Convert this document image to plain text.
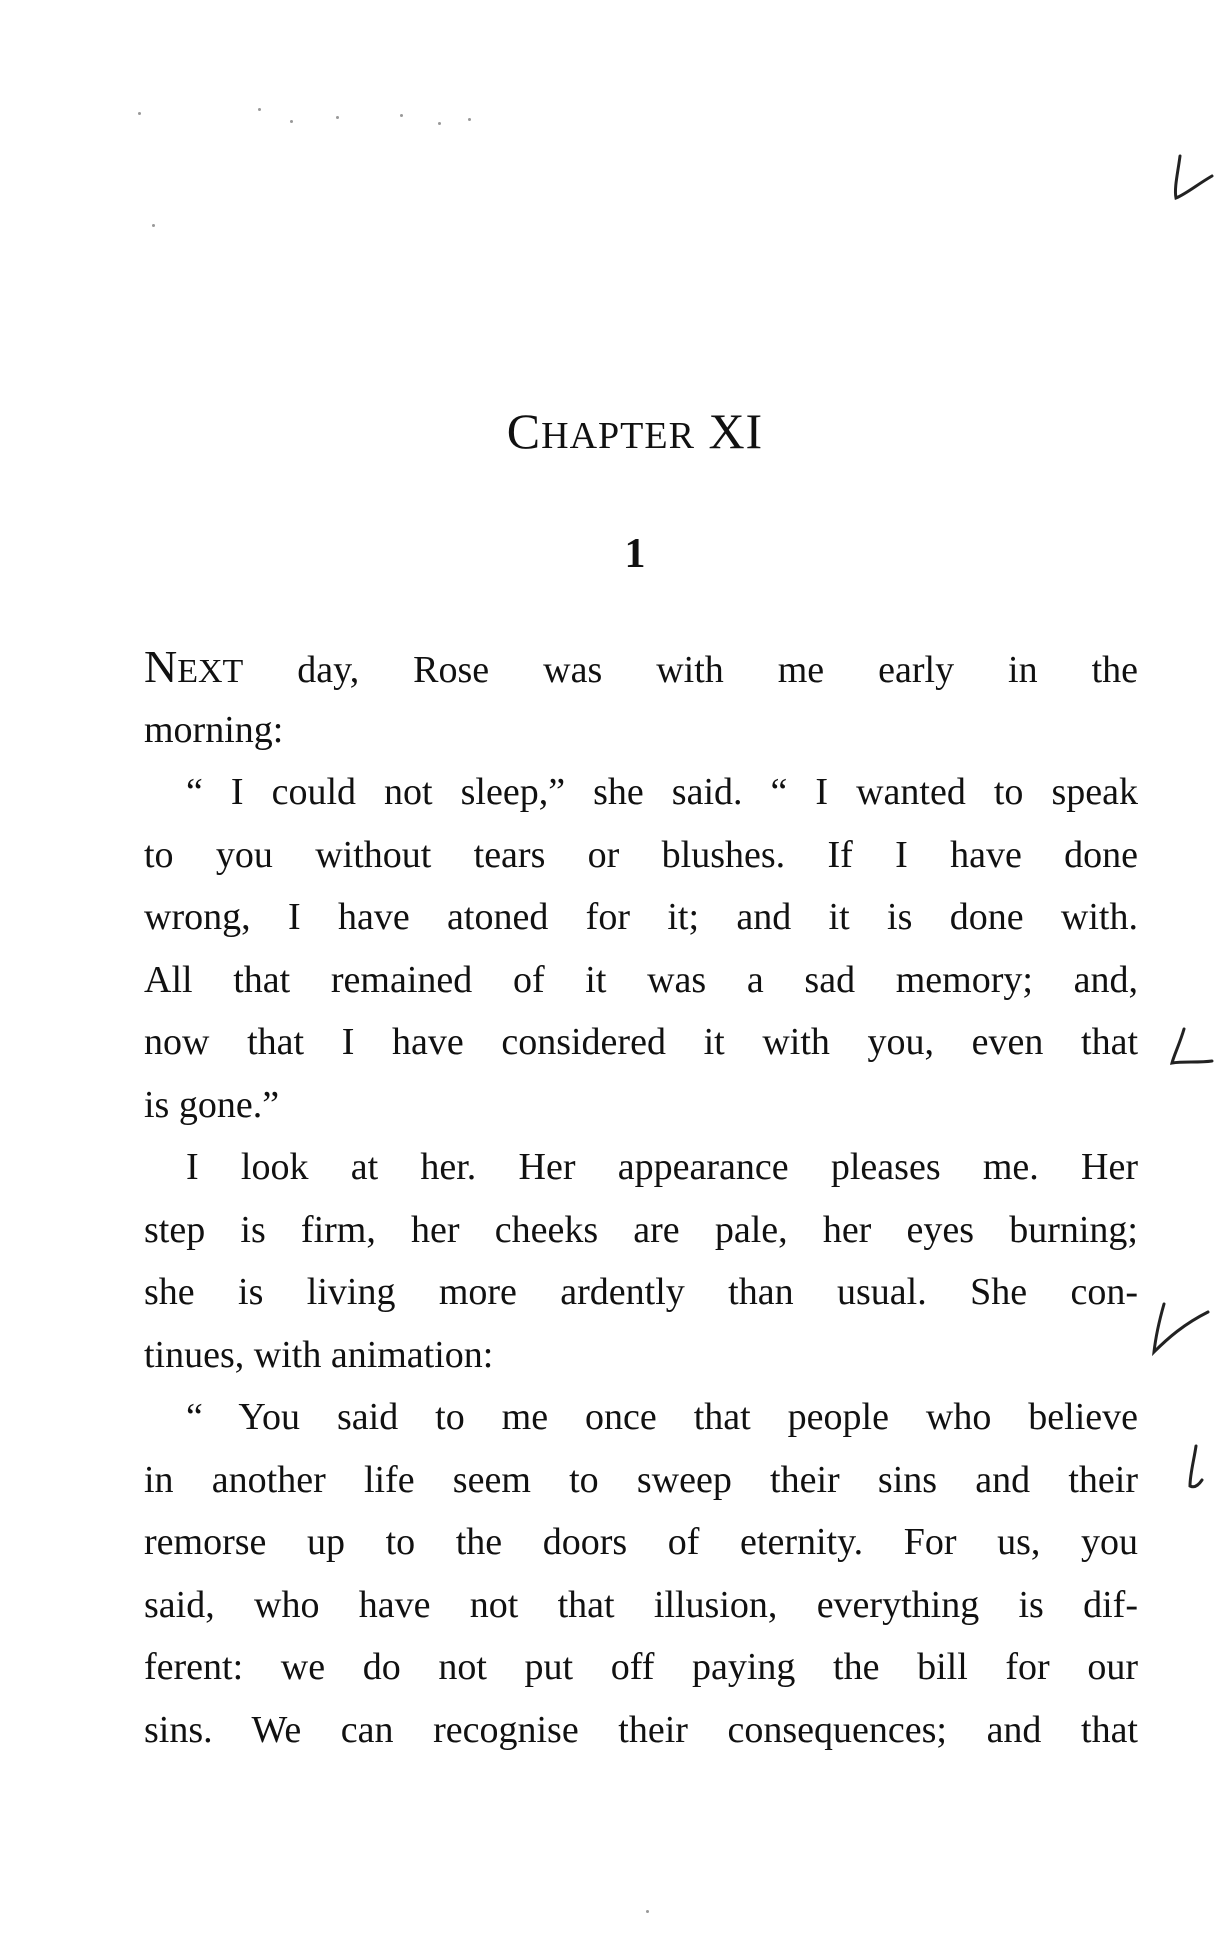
CHAPTER XI
1

NEXT day, Rose was with me early in the
morning:

“ I could not sleep,” she said. “ I wanted to speak
to you without tears or blushes. If I have done
wrong, I have atoned for it; and it is done with.
All that remained of it was a sad memory; and,
now that I have considered it with you, even that
is gone.”

I look at her. Her appearance pleases me. Her
step is firm, her cheeks are pale, her eyes burning;
she is living more ardently than usual. She con-
tinues, with animation:

“ You said to me once that people who believe
in another life seem to sweep their sins and their
remorse up to the doors of eternity. For us, you
said, who have not that illusion, everything is dif-
ferent: we do not put off paying the bill for our
sins. We can recognise their consequences; and that
